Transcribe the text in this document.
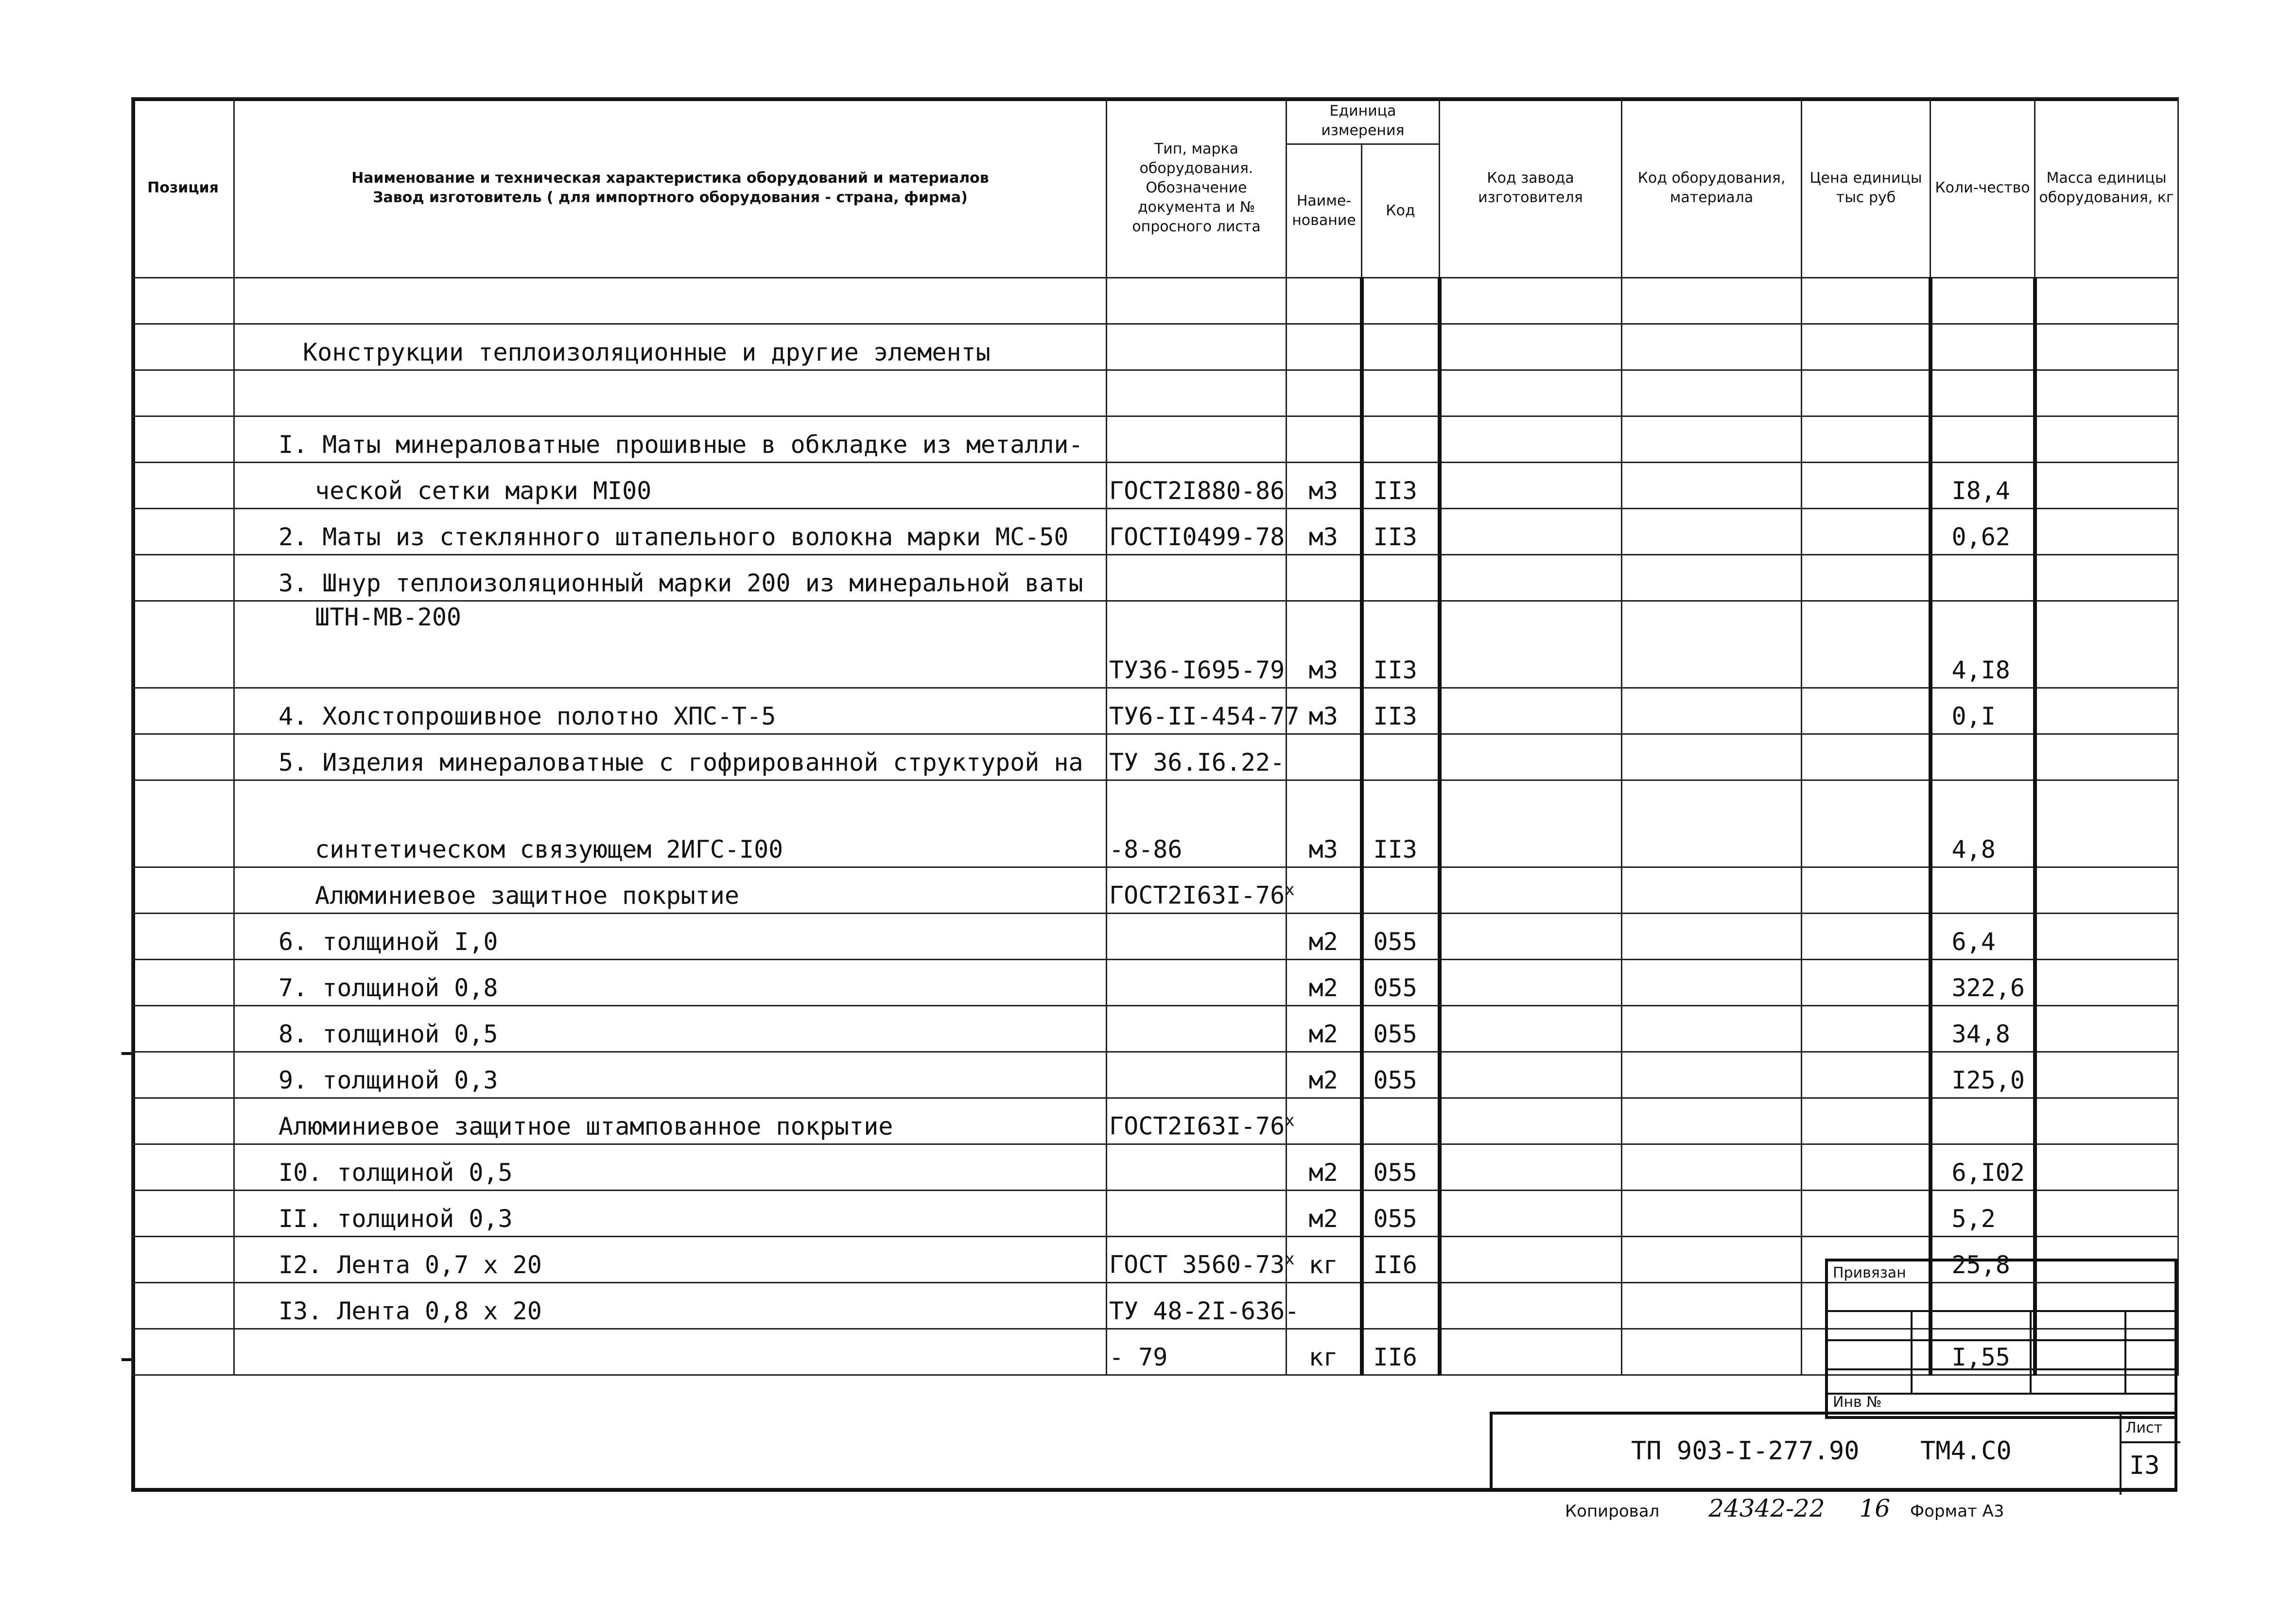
Позиция	Наименование и техническая характеристика оборудований и материалов
Завод изготовитель ( для импортного оборудования - страна, фирма)	Тип, марка оборудования. Обозначение документа и № опросного листа	Единица измерения		Код завода изготовителя	Код оборудования, материала	Цена единицы тыс руб	Коли-чество	Масса единицы оборудования, кг
			Наиме-нование	Код					

	Конструкции теплоизоляционные и другие элементы								

	I. Маты минераловатные прошивные в обкладке из металли-								
	ческой сетки марки МI00	ГОСТ2I880-86	м3	II3				I8,4	
	2. Маты из стеклянного штапельного волокна марки МС-50	ГОСТI0499-78	м3	II3				0,62	
	3. Шнур теплоизоляционный марки 200 из минеральной ваты								
	ШТН-МВ-200	ТУ36-I695-79	м3	II3				4,I8	
	4. Холстопрошивное полотно ХПС-Т-5	ТУ6-II-454-77	м3	II3				0,I	
	5. Изделия минераловатные с гофрированной структурой на	ТУ 36.I6.22-							
	синтетическом связующем 2ИГС-I00	-8-86	м3	II3				4,8	
	Алюминиевое защитное покрытие	ГОСТ2I63I-76$^x$							
	6. толщиной I,0		м2	055				6,4	
	7. толщиной 0,8		м2	055				322,6	
	8. толщиной 0,5		м2	055				34,8	
	9. толщиной 0,3		м2	055				I25,0	
	Алюминиевое защитное штампованное покрытие	ГОСТ2I63I-76$^x$							
	I0. толщиной 0,5		м2	055				6,I02	
	II. толщиной 0,3		м2	055				5,2	
	I2. Лента 0,7 х 20	ГОСТ 3560-73$^x$	кг	II6				25,8	
	I3. Лента 0,8 х 20	ТУ 48-2I-636-							
		- 79	кг	II6				I,55	
Привязан
Инв №
ТП 903-I-277.90 ТМ4.С0
Лист
I3
Копировал 24342-22 16 Формат А3
